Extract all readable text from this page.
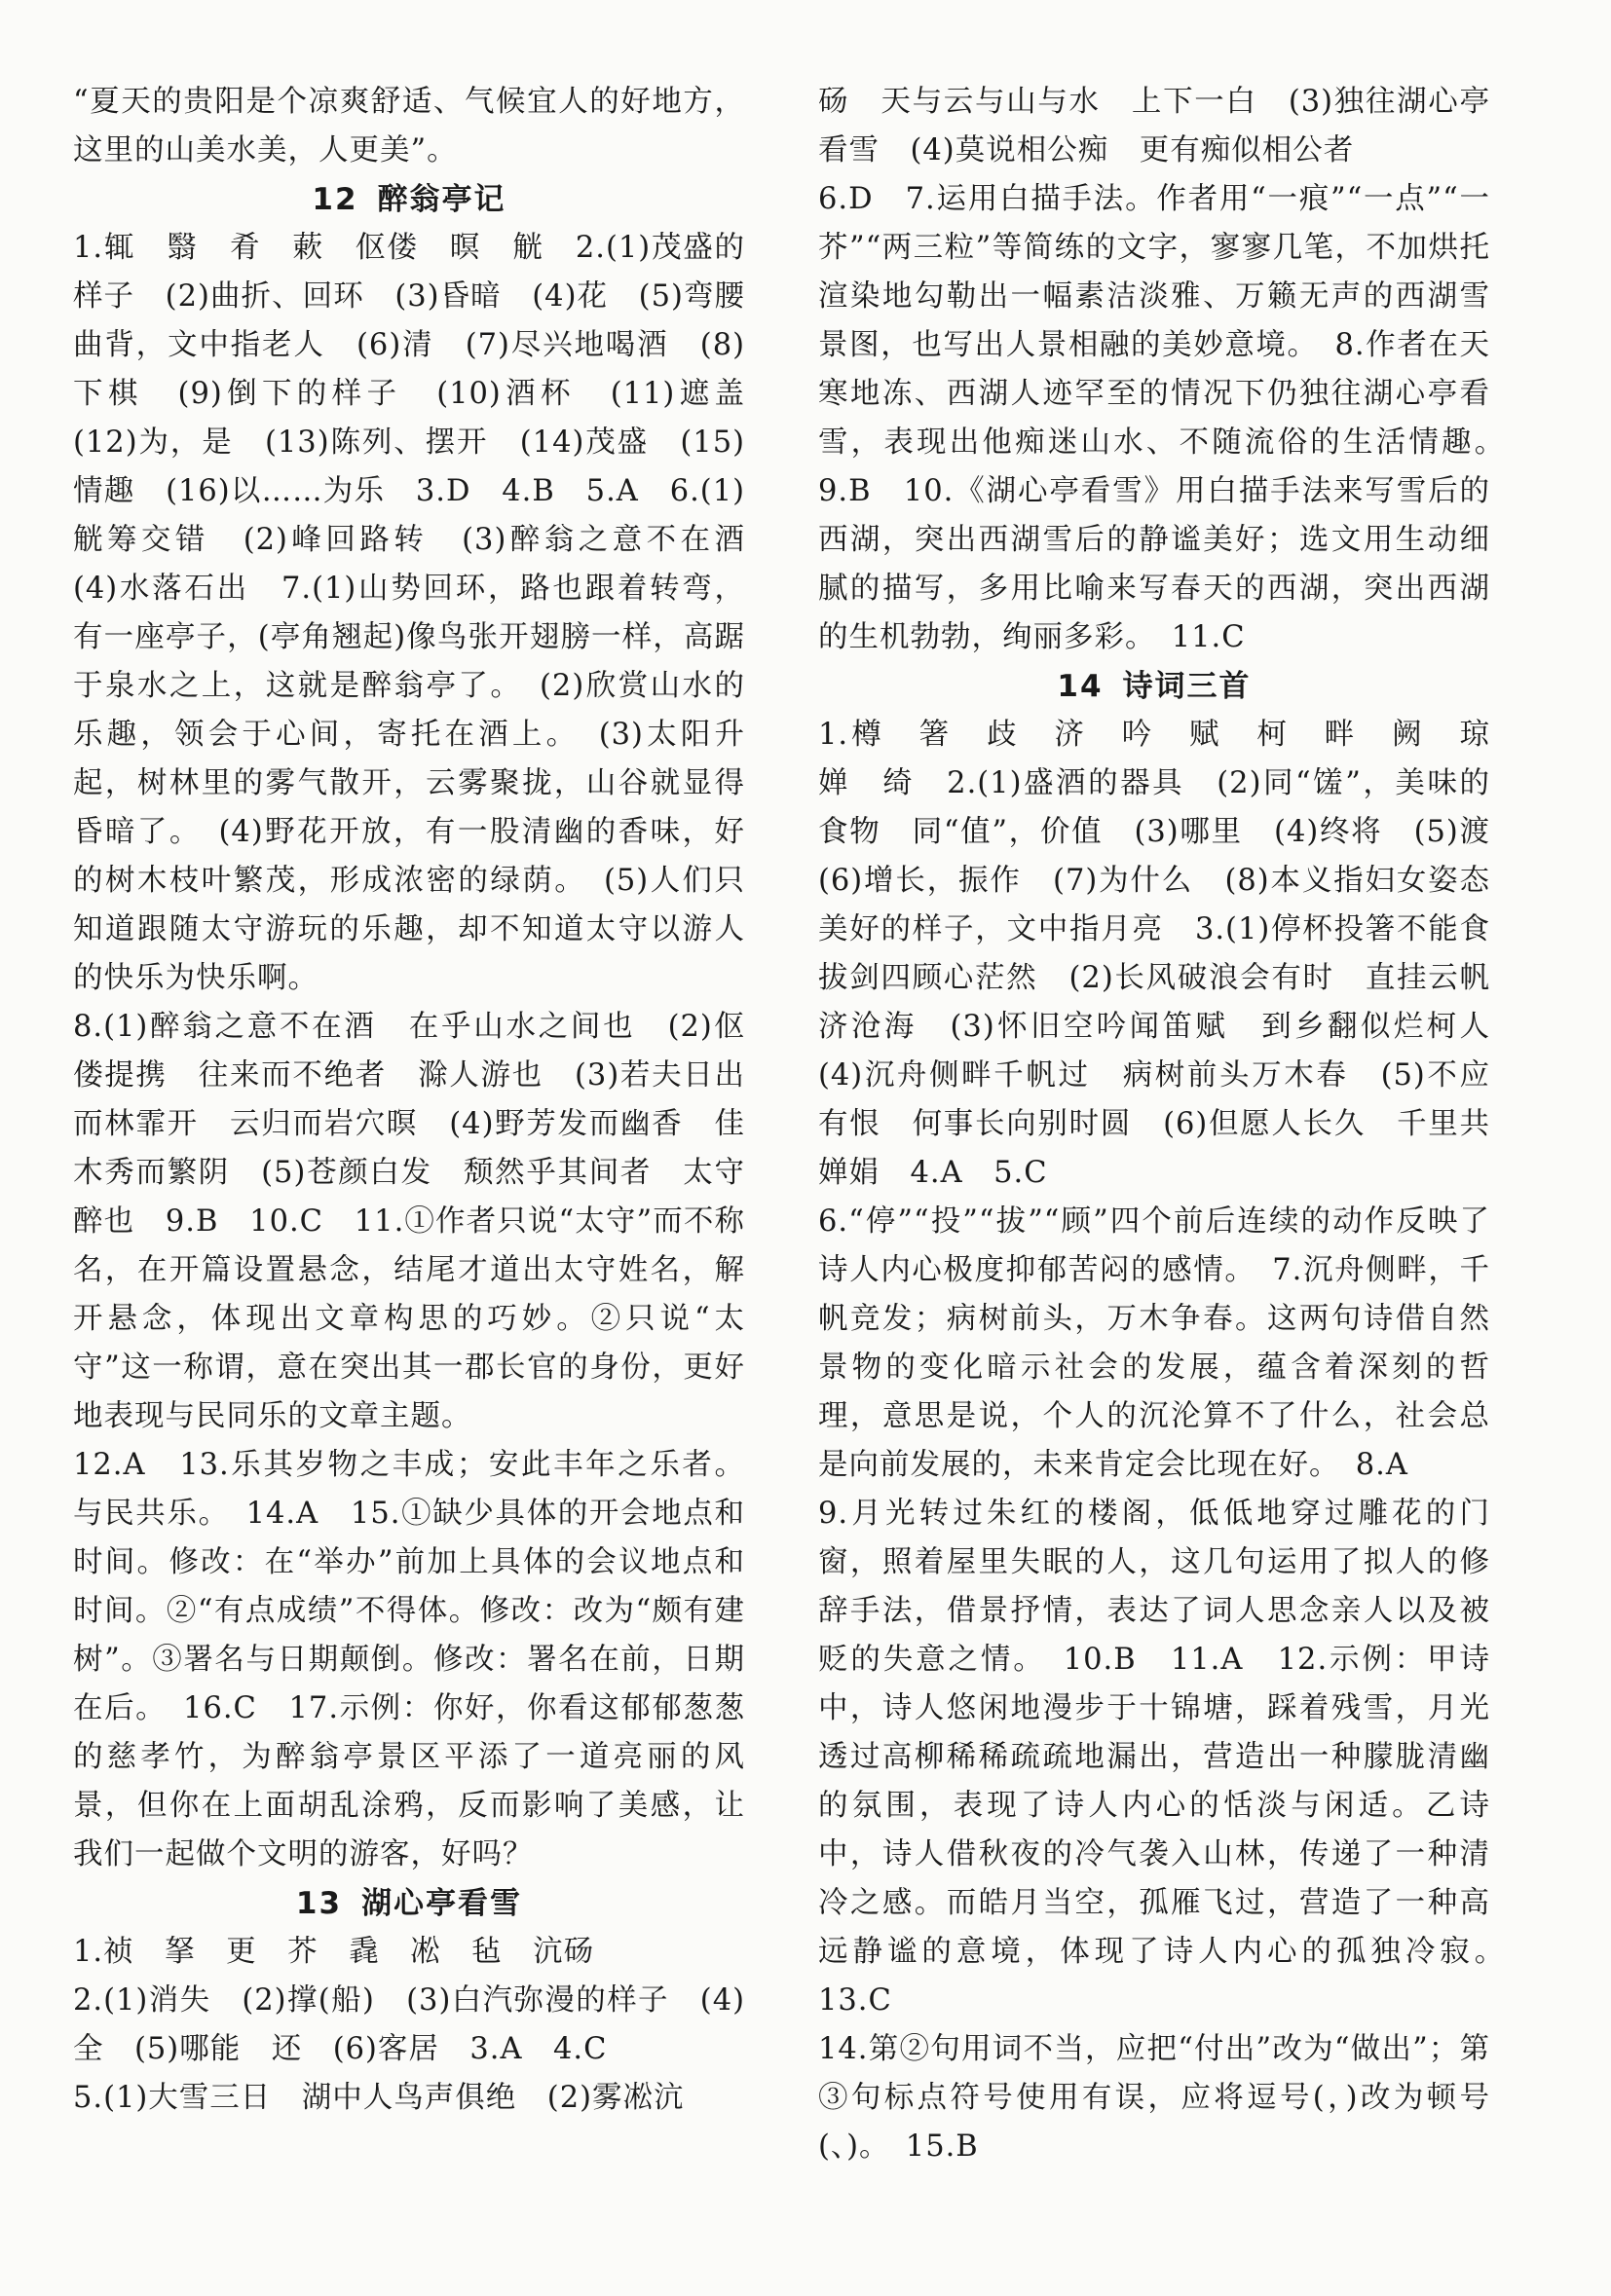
“夏天的贵阳是个凉爽舒适、气候宜人的好地方，这里的山美水美，人更美”。

12 醉翁亭记

1.辄　翳　肴　蔌　伛偻　暝　觥　2.(1)茂盛的样子　(2)曲折、回环　(3)昏暗　(4)花　(5)弯腰曲背，文中指老人　(6)清　(7)尽兴地喝酒　(8)下棋　(9)倒下的样子　(10)酒杯　(11)遮盖　(12)为，是　(13)陈列、摆开　(14)茂盛　(15)情趣　(16)以……为乐　3.D　4.B　5.A　6.(1)觥筹交错　(2)峰回路转　(3)醉翁之意不在酒　(4)水落石出　7.(1)山势回环，路也跟着转弯，有一座亭子，(亭角翘起)像鸟张开翅膀一样，高踞于泉水之上，这就是醉翁亭了。　(2)欣赏山水的乐趣，领会于心间，寄托在酒上。　(3)太阳升起，树林里的雾气散开，云雾聚拢，山谷就显得昏暗了。　(4)野花开放，有一股清幽的香味，好的树木枝叶繁茂，形成浓密的绿荫。　(5)人们只知道跟随太守游玩的乐趣，却不知道太守以游人的快乐为快乐啊。

8.(1)醉翁之意不在酒　在乎山水之间也　(2)伛偻提携　往来而不绝者　滁人游也　(3)若夫日出而林霏开　云归而岩穴暝　(4)野芳发而幽香　佳木秀而繁阴　(5)苍颜白发　颓然乎其间者　太守醉也　9.B　10.C　11.①作者只说“太守”而不称名，在开篇设置悬念，结尾才道出太守姓名，解开悬念，体现出文章构思的巧妙。②只说“太守”这一称谓，意在突出其一郡长官的身份，更好地表现与民同乐的文章主题。

12.A　13.乐其岁物之丰成；安此丰年之乐者。与民共乐。　14.A　15.①缺少具体的开会地点和时间。修改：在“举办”前加上具体的会议地点和时间。②“有点成绩”不得体。修改：改为“颇有建树”。③署名与日期颠倒。修改：署名在前，日期在后。　16.C　17.示例：你好，你看这郁郁葱葱的慈孝竹，为醉翁亭景区平添了一道亮丽的风景，但你在上面胡乱涂鸦，反而影响了美感，让我们一起做个文明的游客，好吗？

13 湖心亭看雪

1.祯　拏　更　芥　毳　凇　毡　沆砀

2.(1)消失　(2)撑(船)　(3)白汽弥漫的样子　(4)全　(5)哪能　还　(6)客居　3.A　4.C

5.(1)大雪三日　湖中人鸟声俱绝　(2)雾凇沆

砀　天与云与山与水　上下一白　(3)独往湖心亭看雪　(4)莫说相公痴　更有痴似相公者

6.D　7.运用白描手法。作者用“一痕”“一点”“一芥”“两三粒”等简练的文字，寥寥几笔，不加烘托渲染地勾勒出一幅素洁淡雅、万籁无声的西湖雪景图，也写出人景相融的美妙意境。　8.作者在天寒地冻、西湖人迹罕至的情况下仍独往湖心亭看雪，表现出他痴迷山水、不随流俗的生活情趣。　9.B　10.《湖心亭看雪》用白描手法来写雪后的西湖，突出西湖雪后的静谧美好；选文用生动细腻的描写，多用比喻来写春天的西湖，突出西湖的生机勃勃，绚丽多彩。　11.C

14 诗词三首

1.樽　箸　歧　济　吟　赋　柯　畔　阙　琼　婵　绮　2.(1)盛酒的器具　(2)同“馐”，美味的食物　同“值”，价值　(3)哪里　(4)终将　(5)渡　(6)增长，振作　(7)为什么　(8)本义指妇女姿态美好的样子，文中指月亮　3.(1)停杯投箸不能食　拔剑四顾心茫然　(2)长风破浪会有时　直挂云帆济沧海　(3)怀旧空吟闻笛赋　到乡翻似烂柯人　(4)沉舟侧畔千帆过　病树前头万木春　(5)不应有恨　何事长向别时圆　(6)但愿人长久　千里共婵娟　4.A　5.C

6.“停”“投”“拔”“顾”四个前后连续的动作反映了诗人内心极度抑郁苦闷的感情。　7.沉舟侧畔，千帆竞发；病树前头，万木争春。这两句诗借自然景物的变化暗示社会的发展，蕴含着深刻的哲理，意思是说，个人的沉沦算不了什么，社会总是向前发展的，未来肯定会比现在好。　8.A

9.月光转过朱红的楼阁，低低地穿过雕花的门窗，照着屋里失眠的人，这几句运用了拟人的修辞手法，借景抒情，表达了词人思念亲人以及被贬的失意之情。　10.B　11.A　12.示例：甲诗中，诗人悠闲地漫步于十锦塘，踩着残雪，月光透过高柳稀稀疏疏地漏出，营造出一种朦胧清幽的氛围，表现了诗人内心的恬淡与闲适。乙诗中，诗人借秋夜的冷气袭入山林，传递了一种清冷之感。而皓月当空，孤雁飞过，营造了一种高远静谧的意境，体现了诗人内心的孤独冷寂。　13.C

14.第②句用词不当，应把“付出”改为“做出”；第③句标点符号使用有误，应将逗号(，)改为顿号(、)。　15.B
